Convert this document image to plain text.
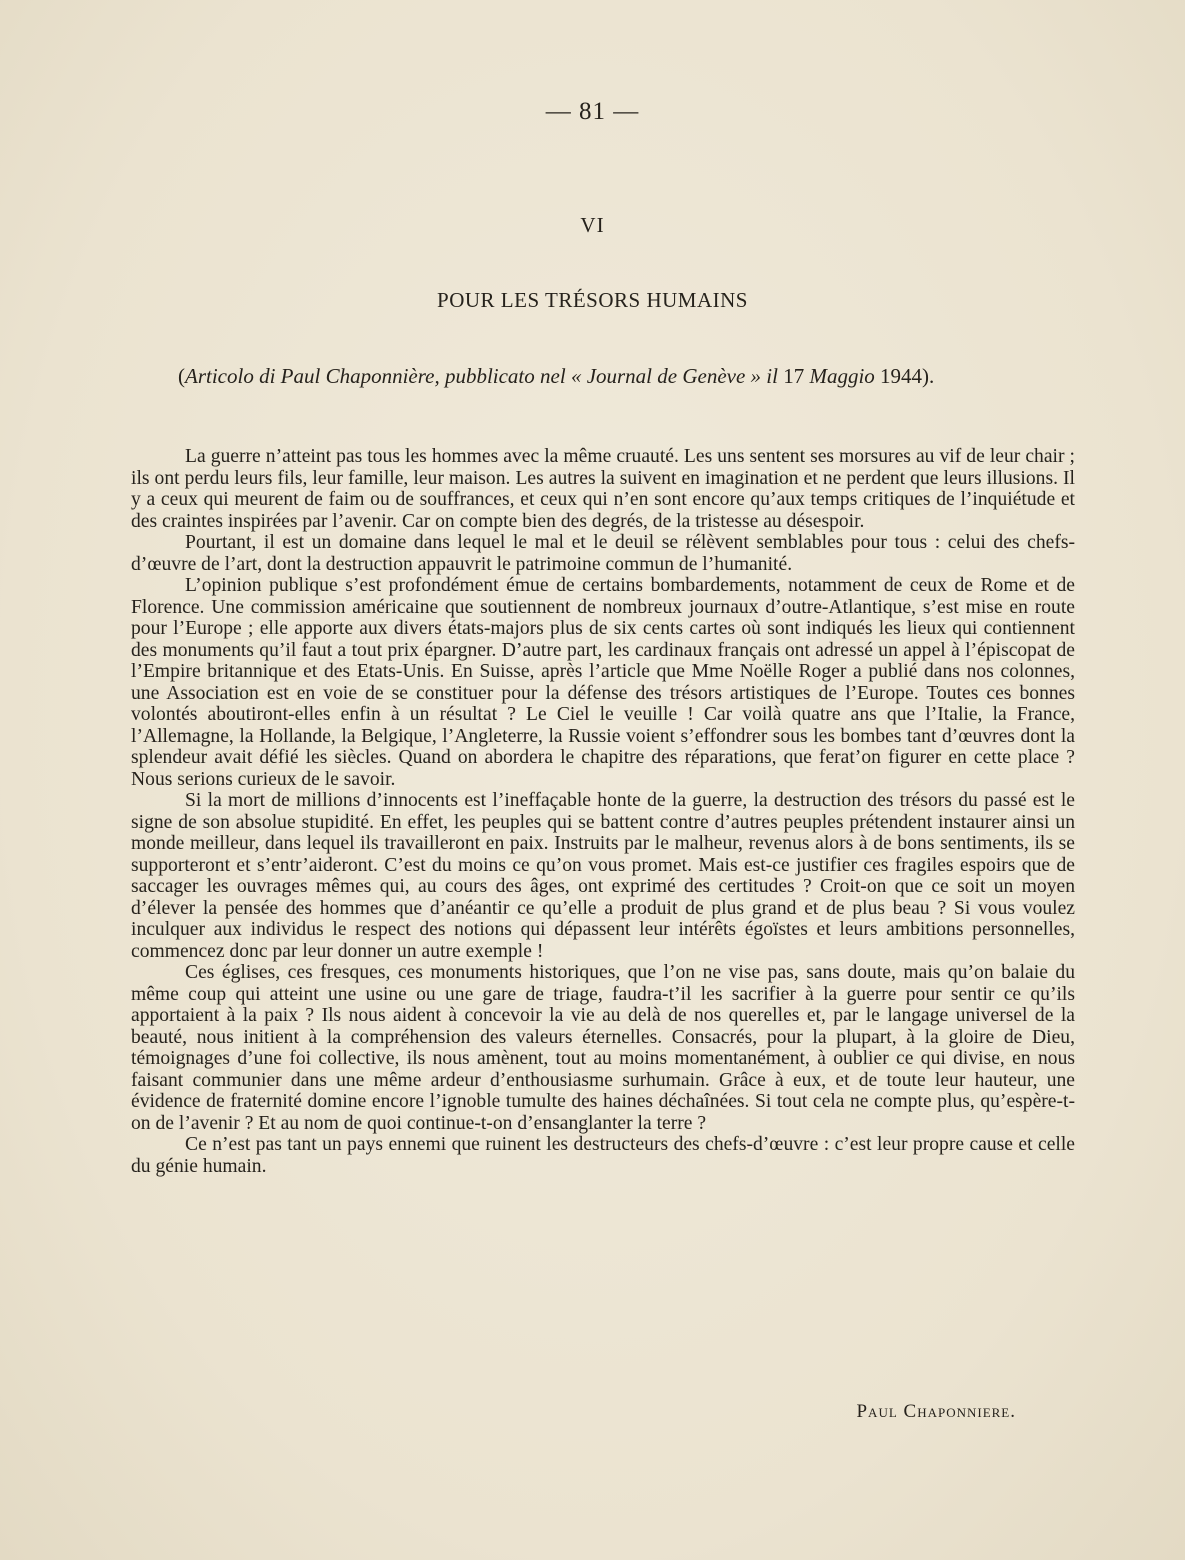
— 81 —
VI
POUR LES TRÉSORS HUMAINS
(Articolo di Paul Chaponnière, pubblicato nel « Journal de Genève » il 17 Maggio 1944).

La guerre n’atteint pas tous les hommes avec la même cruauté. Les uns sentent ses morsures au vif de leur chair ; ils ont perdu leurs fils, leur famille, leur maison. Les autres la suivent en imagination et ne perdent que leurs illusions. Il y a ceux qui meurent de faim ou de souffrances, et ceux qui n’en sont encore qu’aux temps critiques de l’inquiétude et des craintes inspirées par l’avenir. Car on compte bien des degrés, de la tristesse au désespoir.

Pourtant, il est un domaine dans lequel le mal et le deuil se rélèvent semblables pour tous : celui des chefs-d’œuvre de l’art, dont la destruction appauvrit le patrimoine commun de l’humanité.

L’opinion publique s’est profondément émue de certains bombardements, notamment de ceux de Rome et de Florence. Une commission américaine que soutiennent de nombreux journaux d’outre-Atlantique, s’est mise en route pour l’Europe ; elle apporte aux divers états-majors plus de six cents cartes où sont indiqués les lieux qui contiennent des monuments qu’il faut a tout prix épargner. D’autre part, les cardinaux français ont adressé un appel à l’épiscopat de l’Empire britannique et des Etats-Unis. En Suisse, après l’article que Mme Noëlle Roger a publié dans nos colonnes, une Association est en voie de se constituer pour la défense des trésors artistiques de l’Europe. Toutes ces bonnes volontés aboutiront-elles enfin à un résultat ? Le Ciel le veuille ! Car voilà quatre ans que l’Italie, la France, l’Allemagne, la Hollande, la Belgique, l’Angleterre, la Russie voient s’effondrer sous les bombes tant d’œuvres dont la splendeur avait défié les siècles. Quand on abordera le chapitre des réparations, que ferat’on figurer en cette place ? Nous serions curieux de le savoir.

Si la mort de millions d’innocents est l’ineffaçable honte de la guerre, la destruction des trésors du passé est le signe de son absolue stupidité. En effet, les peuples qui se battent contre d’autres peuples prétendent instaurer ainsi un monde meilleur, dans lequel ils travailleront en paix. Instruits par le malheur, revenus alors à de bons sentiments, ils se supporteront et s’entr’aideront. C’est du moins ce qu’on vous promet. Mais est-ce justifier ces fragiles espoirs que de saccager les ouvrages mêmes qui, au cours des âges, ont exprimé des certitudes ? Croit-on que ce soit un moyen d’élever la pensée des hommes que d’anéantir ce qu’elle a produit de plus grand et de plus beau ? Si vous voulez inculquer aux individus le respect des notions qui dépassent leur intérêts égoïstes et leurs ambitions personnelles, commencez donc par leur donner un autre exemple !

Ces églises, ces fresques, ces monuments historiques, que l’on ne vise pas, sans doute, mais qu’on balaie du même coup qui atteint une usine ou une gare de triage, faudra-t’il les sacrifier à la guerre pour sentir ce qu’ils apportaient à la paix ? Ils nous aident à concevoir la vie au delà de nos querelles et, par le langage universel de la beauté, nous initient à la compréhension des valeurs éternelles. Consacrés, pour la plupart, à la gloire de Dieu, témoignages d’une foi collective, ils nous amènent, tout au moins momentanément, à oublier ce qui divise, en nous faisant communier dans une même ardeur d’enthousiasme surhumain. Grâce à eux, et de toute leur hauteur, une évidence de fraternité domine encore l’ignoble tumulte des haines déchaînées. Si tout cela ne compte plus, qu’espère-t-on de l’avenir ? Et au nom de quoi continue-t-on d’ensanglanter la terre ?

Ce n’est pas tant un pays ennemi que ruinent les destructeurs des chefs-d’œuvre : c’est leur propre cause et celle du génie humain.

Paul Chaponniere.
